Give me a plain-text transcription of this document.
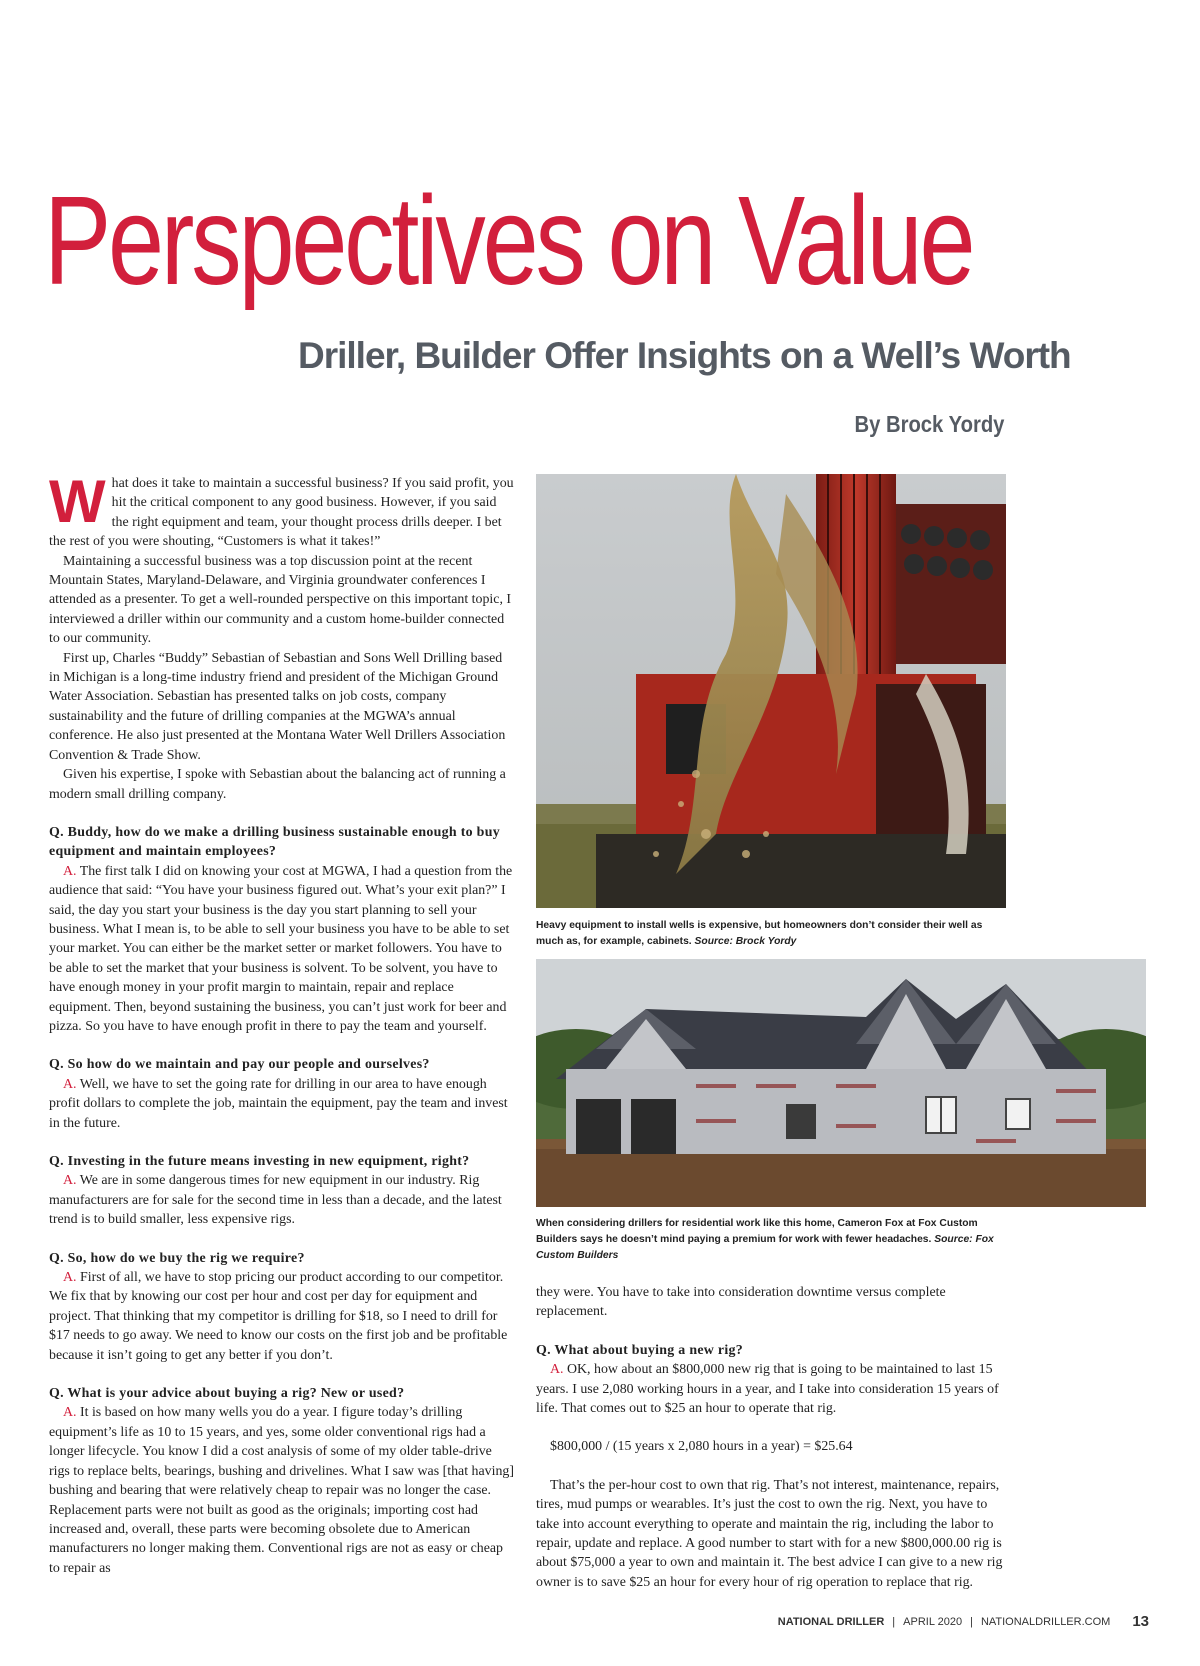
Perspectives on Value
Driller, Builder Offer Insights on a Well’s Worth
By Brock Yordy

What does it take to maintain a successful business? If you said profit, you hit the critical component to any good business. However, if you said the right equipment and team, your thought process drills deeper. I bet the rest of you were shouting, “Customers is what it takes!”

Maintaining a successful business was a top discussion point at the recent Mountain States, Maryland-Delaware, and Virginia groundwater conferences I attended as a presenter. To get a well-rounded perspective on this important topic, I interviewed a driller within our community and a custom home-builder connected to our community.

First up, Charles “Buddy” Sebastian of Sebastian and Sons Well Drilling based in Michigan is a long-time industry friend and president of the Michigan Ground Water Association. Sebastian has presented talks on job costs, company sustainability and the future of drilling companies at the MGWA’s annual conference. He also just presented at the Montana Water Well Drillers Association Convention & Trade Show.

Given his expertise, I spoke with Sebastian about the balancing act of running a modern small drilling company.

Q. Buddy, how do we make a drilling business sustainable enough to buy equipment and maintain employees?

A. The first talk I did on knowing your cost at MGWA, I had a question from the audience that said: “You have your business figured out. What’s your exit plan?” I said, the day you start your business is the day you start planning to sell your business. What I mean is, to be able to sell your business you have to be able to set your market. You can either be the market setter or market followers. You have to be able to set the market that your business is solvent. To be solvent, you have to have enough money in your profit margin to maintain, repair and replace equipment. Then, beyond sustaining the business, you can’t just work for beer and pizza. So you have to have enough profit in there to pay the team and yourself.

Q. So how do we maintain and pay our people and ourselves?

A. Well, we have to set the going rate for drilling in our area to have enough profit dollars to complete the job, maintain the equipment, pay the team and invest in the future.

Q. Investing in the future means investing in new equipment, right?

A. We are in some dangerous times for new equipment in our industry. Rig manufacturers are for sale for the second time in less than a decade, and the latest trend is to build smaller, less expensive rigs.

Q. So, how do we buy the rig we require?

A. First of all, we have to stop pricing our product according to our competitor. We fix that by knowing our cost per hour and cost per day for equipment and project. That thinking that my competitor is drilling for $18, so I need to drill for $17 needs to go away. We need to know our costs on the first job and be profitable because it isn’t going to get any better if you don’t.

Q. What is your advice about buying a rig? New or used?

A. It is based on how many wells you do a year. I figure today’s drilling equipment’s life as 10 to 15 years, and yes, some older conventional rigs had a longer lifecycle. You know I did a cost analysis of some of my older table-drive rigs to replace belts, bearings, bushing and drivelines. What I saw was [that having] bushing and bearing that were relatively cheap to repair was no longer the case. Replacement parts were not built as good as the originals; importing cost had increased and, overall, these parts were becoming obsolete due to American manufacturers no longer making them. Conventional rigs are not as easy or cheap to repair as

Heavy equipment to install wells is expensive, but homeowners don’t consider their well as much as, for example, cabinets. Source: Brock Yordy
When considering drillers for residential work like this home, Cameron Fox at Fox Custom Builders says he doesn’t mind paying a premium for work with fewer headaches. Source: Fox Custom Builders

they were. You have to take into consideration downtime versus complete replacement.

Q. What about buying a new rig?

A. OK, how about an $800,000 new rig that is going to be maintained to last 15 years. I use 2,080 working hours in a year, and I take into consideration 15 years of life. That comes out to $25 an hour to operate that rig.

$800,000 / (15 years x 2,080 hours in a year) = $25.64

That’s the per-hour cost to own that rig. That’s not interest, maintenance, repairs, tires, mud pumps or wearables. It’s just the cost to own the rig. Next, you have to take into account everything to operate and maintain the rig, including the labor to repair, update and replace. A good number to start with for a new $800,000.00 rig is about $75,000 a year to own and maintain it. The best advice I can give to a new rig owner is to save $25 an hour for every hour of rig operation to replace that rig.

NATIONAL DRILLER | APRIL 2020 | NATIONALDRILLER.COM 13
